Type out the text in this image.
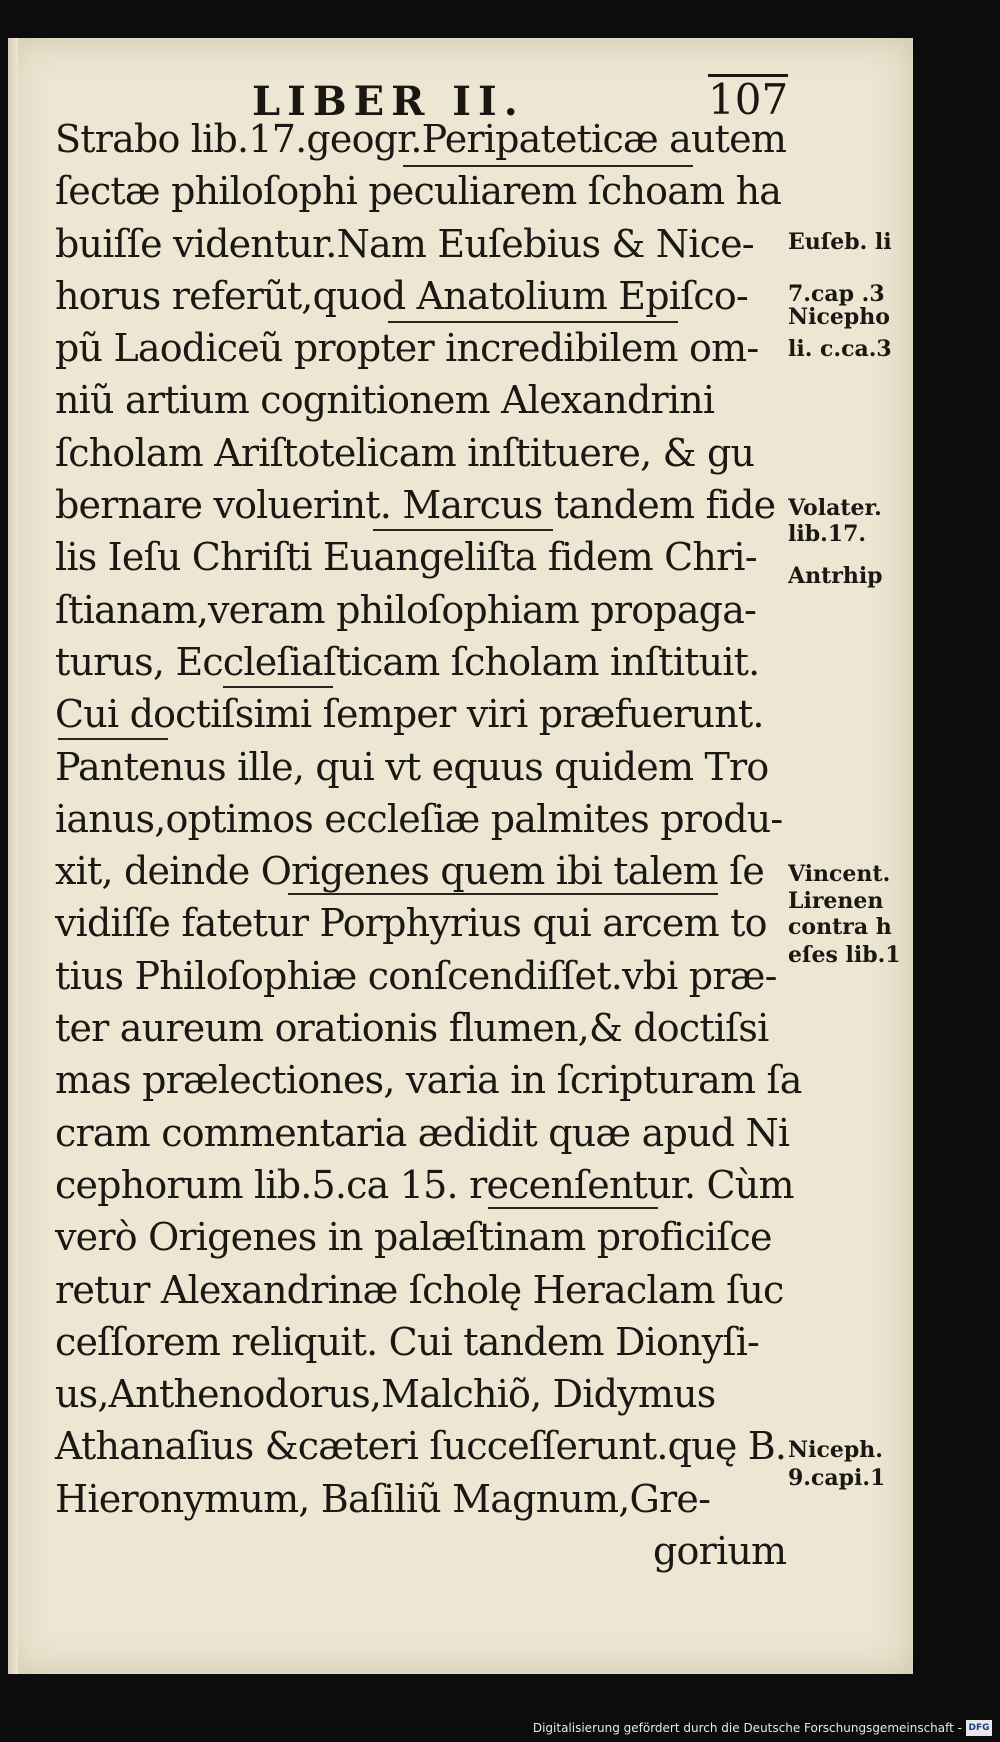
LIBER II.	107
Strabo lib.17.geogr.Peripateticæ autem
ſectæ philoſophi peculiarem ſchoam ha
buiſſe videntur.Nam Euſebius & Nice-
horus referũt,quod Anatolium Epiſco-
pũ Laodiceũ propter incredibilem om-
niũ artium cognitionem Alexandrini
ſcholam Ariſtotelicam inſtituere, & gu
bernare voluerint. Marcus tandem fide
lis Ieſu Chriſti Euangeliſta fidem Chri-
ſtianam,veram philoſophiam propaga-
turus, Eccleſiaſticam ſcholam inſtituit.
Cui doctiſsimi ſemper viri præfuerunt.
Pantenus ille, qui vt equus quidem Tro
ianus,optimos eccleſiæ palmites produ-
xit, deinde Origenes quem ibi talem ſe
vidiſſe fatetur Porphyrius qui arcem to
tius Philoſophiæ conſcendiſſet.vbi præ-
ter aureum orationis flumen,& doctiſsi
mas prælectiones, varia in ſcripturam ſa
cram commentaria ædidit quæ apud Ni
cephorum lib.5.ca 15. recenſentur. Cùm
verò Origenes in palæſtinam proficiſce
retur Alexandrinæ ſcholę Heraclam ſuc
ceſſorem reliquit. Cui tandem Dionyſi-
us,Anthenodorus,Malchiõ, Didymus
Athanaſius &cæteri ſucceſſerunt.quę B.
Hieronymum, Baſiliũ Magnum,Gre-
gorium
Euſeb. li
7.cap .3
Nicepho
li. c.ca.3
Volater.
lib.17.
Antrhip
Vincent.
Lirenen
contra h
eſes lib.1
Niceph.
9.capi.1
Digitalisierung gefördert durch die Deutsche Forschungsgemeinschaft - DFG
